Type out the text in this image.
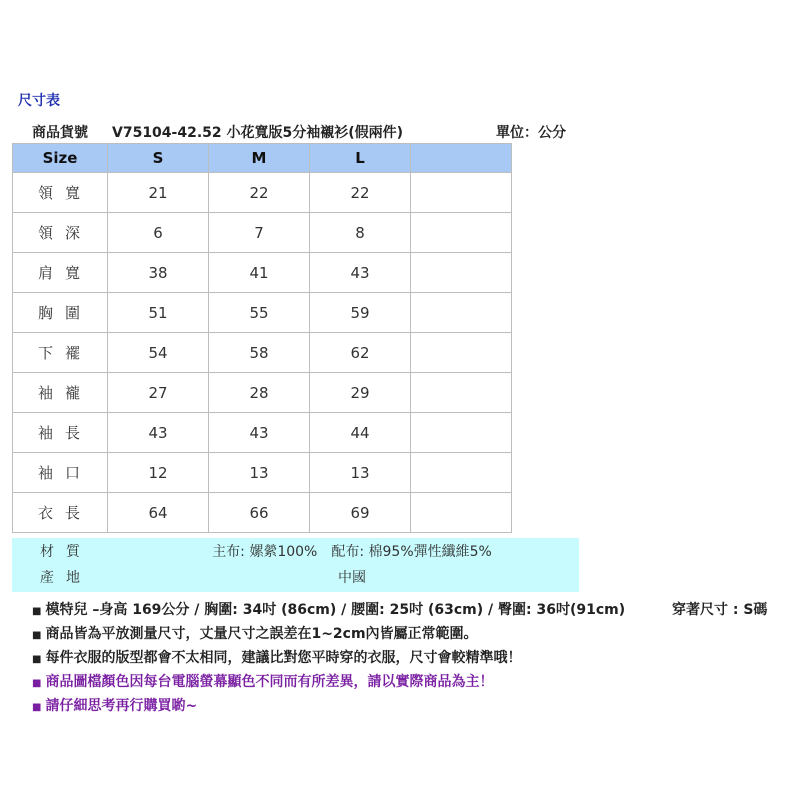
尺寸表
商品貨號 V75104-42.52 小花寬版5分袖襯衫(假兩件)	單位：公分
Size	S	M	L	
領寬	21	22	22	
領深	6	7	8	
肩寬	38	41	43	
胸圍	51	55	59	
下襬	54	58	62	
袖襱	27	28	29	
袖長	43	43	44	
袖口	12	13	13	
衣長	64	66	69	
材質	主布: 嫘縈100%　配布: 棉95%彈性纖維5%
產地	中國
■ 模特兒 –身高 169公分 / 胸圍: 34吋 (86cm) / 腰圍: 25吋 (63cm) / 臀圍: 36吋(91cm)	穿著尺寸 : S碼
■ 商品皆為平放測量尺寸，丈量尺寸之誤差在1~2cm內皆屬正常範圍。
■ 每件衣服的版型都會不太相同，建議比對您平時穿的衣服，尺寸會較精準哦！
■ 商品圖檔顏色因每台電腦螢幕顯色不同而有所差異，請以實際商品為主！
■ 請仔細思考再行購買喲~
